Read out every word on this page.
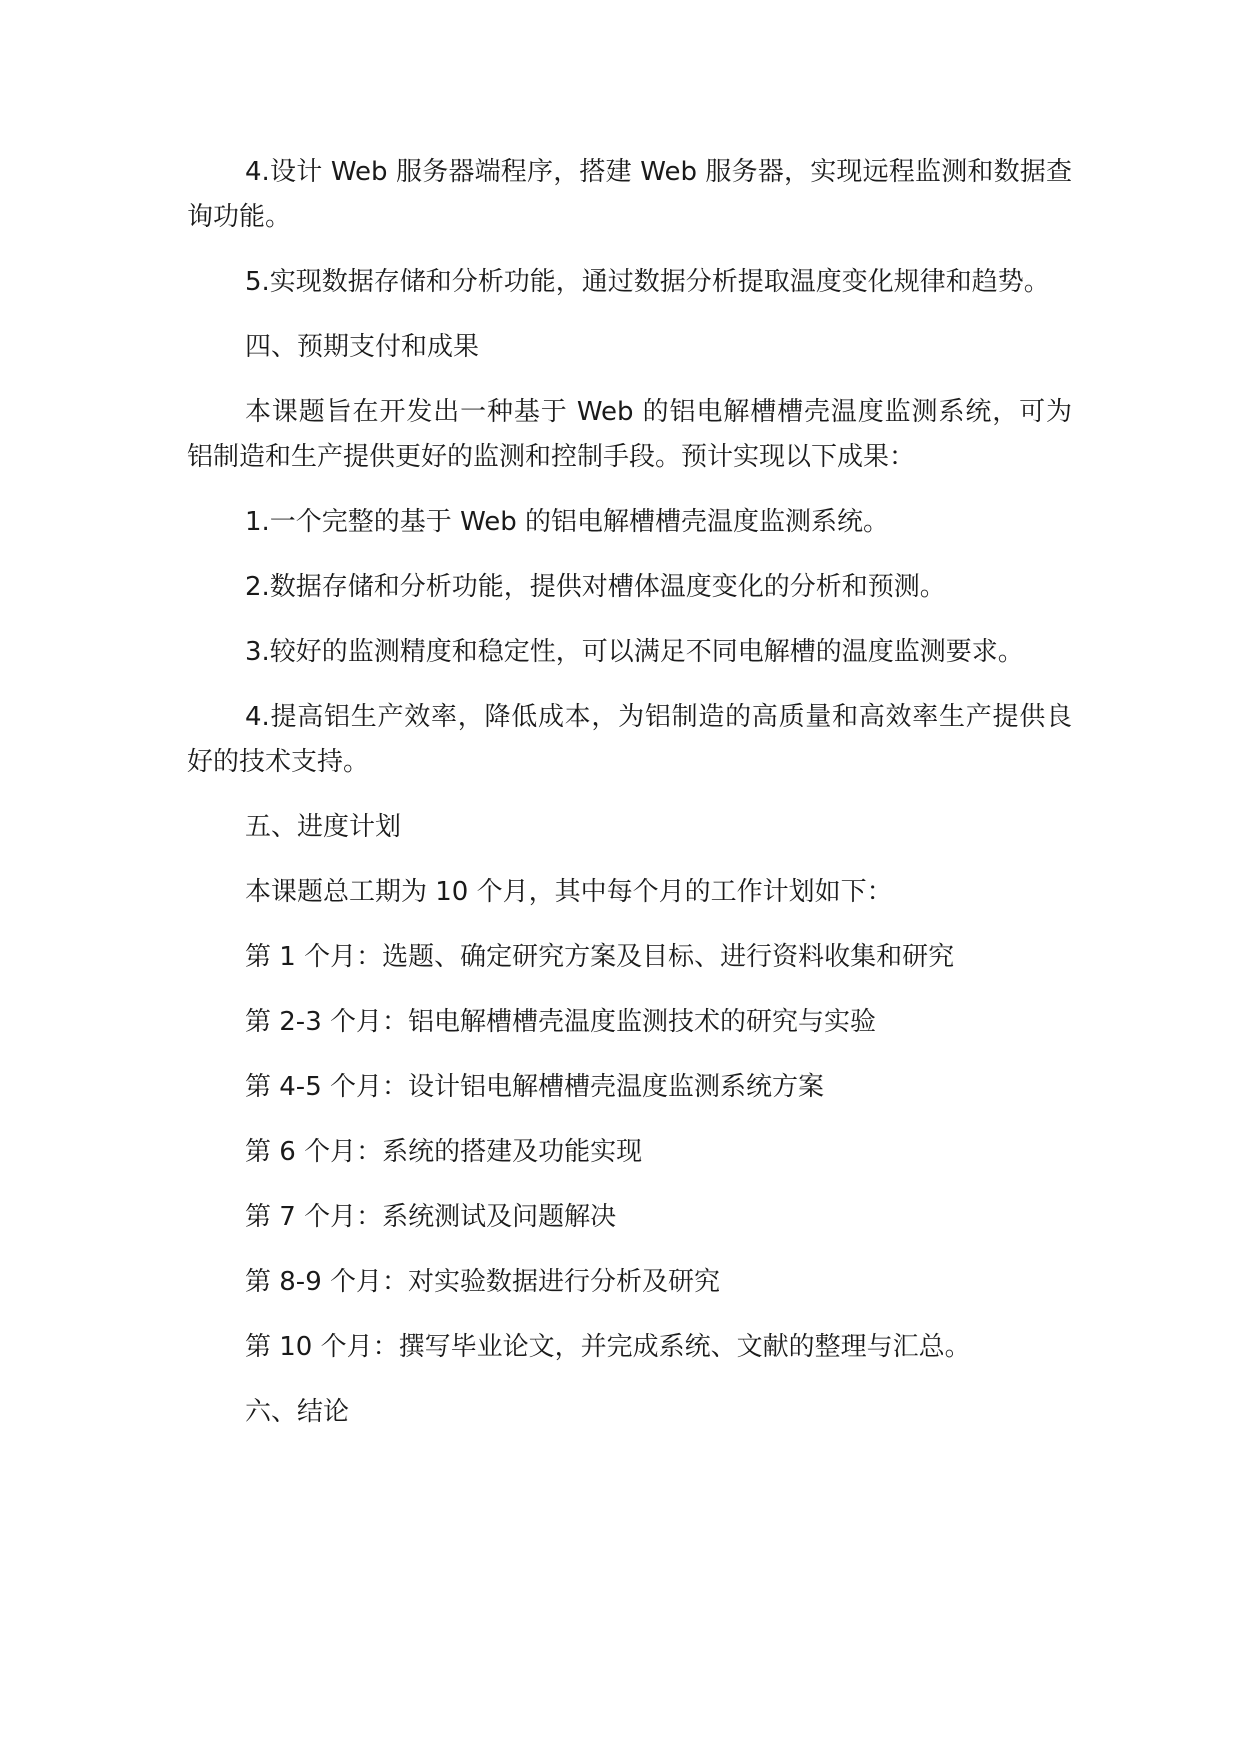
4.设计 Web 服务器端程序，搭建 Web 服务器，实现远程监测和数据查询功能。

5.实现数据存储和分析功能，通过数据分析提取温度变化规律和趋势。

四、预期支付和成果

本课题旨在开发出一种基于 Web 的铝电解槽槽壳温度监测系统，可为铝制造和生产提供更好的监测和控制手段。预计实现以下成果：

1.一个完整的基于 Web 的铝电解槽槽壳温度监测系统。

2.数据存储和分析功能，提供对槽体温度变化的分析和预测。

3.较好的监测精度和稳定性，可以满足不同电解槽的温度监测要求。

4.提高铝生产效率，降低成本，为铝制造的高质量和高效率生产提供良好的技术支持。

五、进度计划

本课题总工期为 10 个月，其中每个月的工作计划如下：

第 1 个月：选题、确定研究方案及目标、进行资料收集和研究

第 2-3 个月：铝电解槽槽壳温度监测技术的研究与实验

第 4-5 个月：设计铝电解槽槽壳温度监测系统方案

第 6 个月：系统的搭建及功能实现

第 7 个月：系统测试及问题解决

第 8-9 个月：对实验数据进行分析及研究

第 10 个月：撰写毕业论文，并完成系统、文献的整理与汇总。

六、结论
